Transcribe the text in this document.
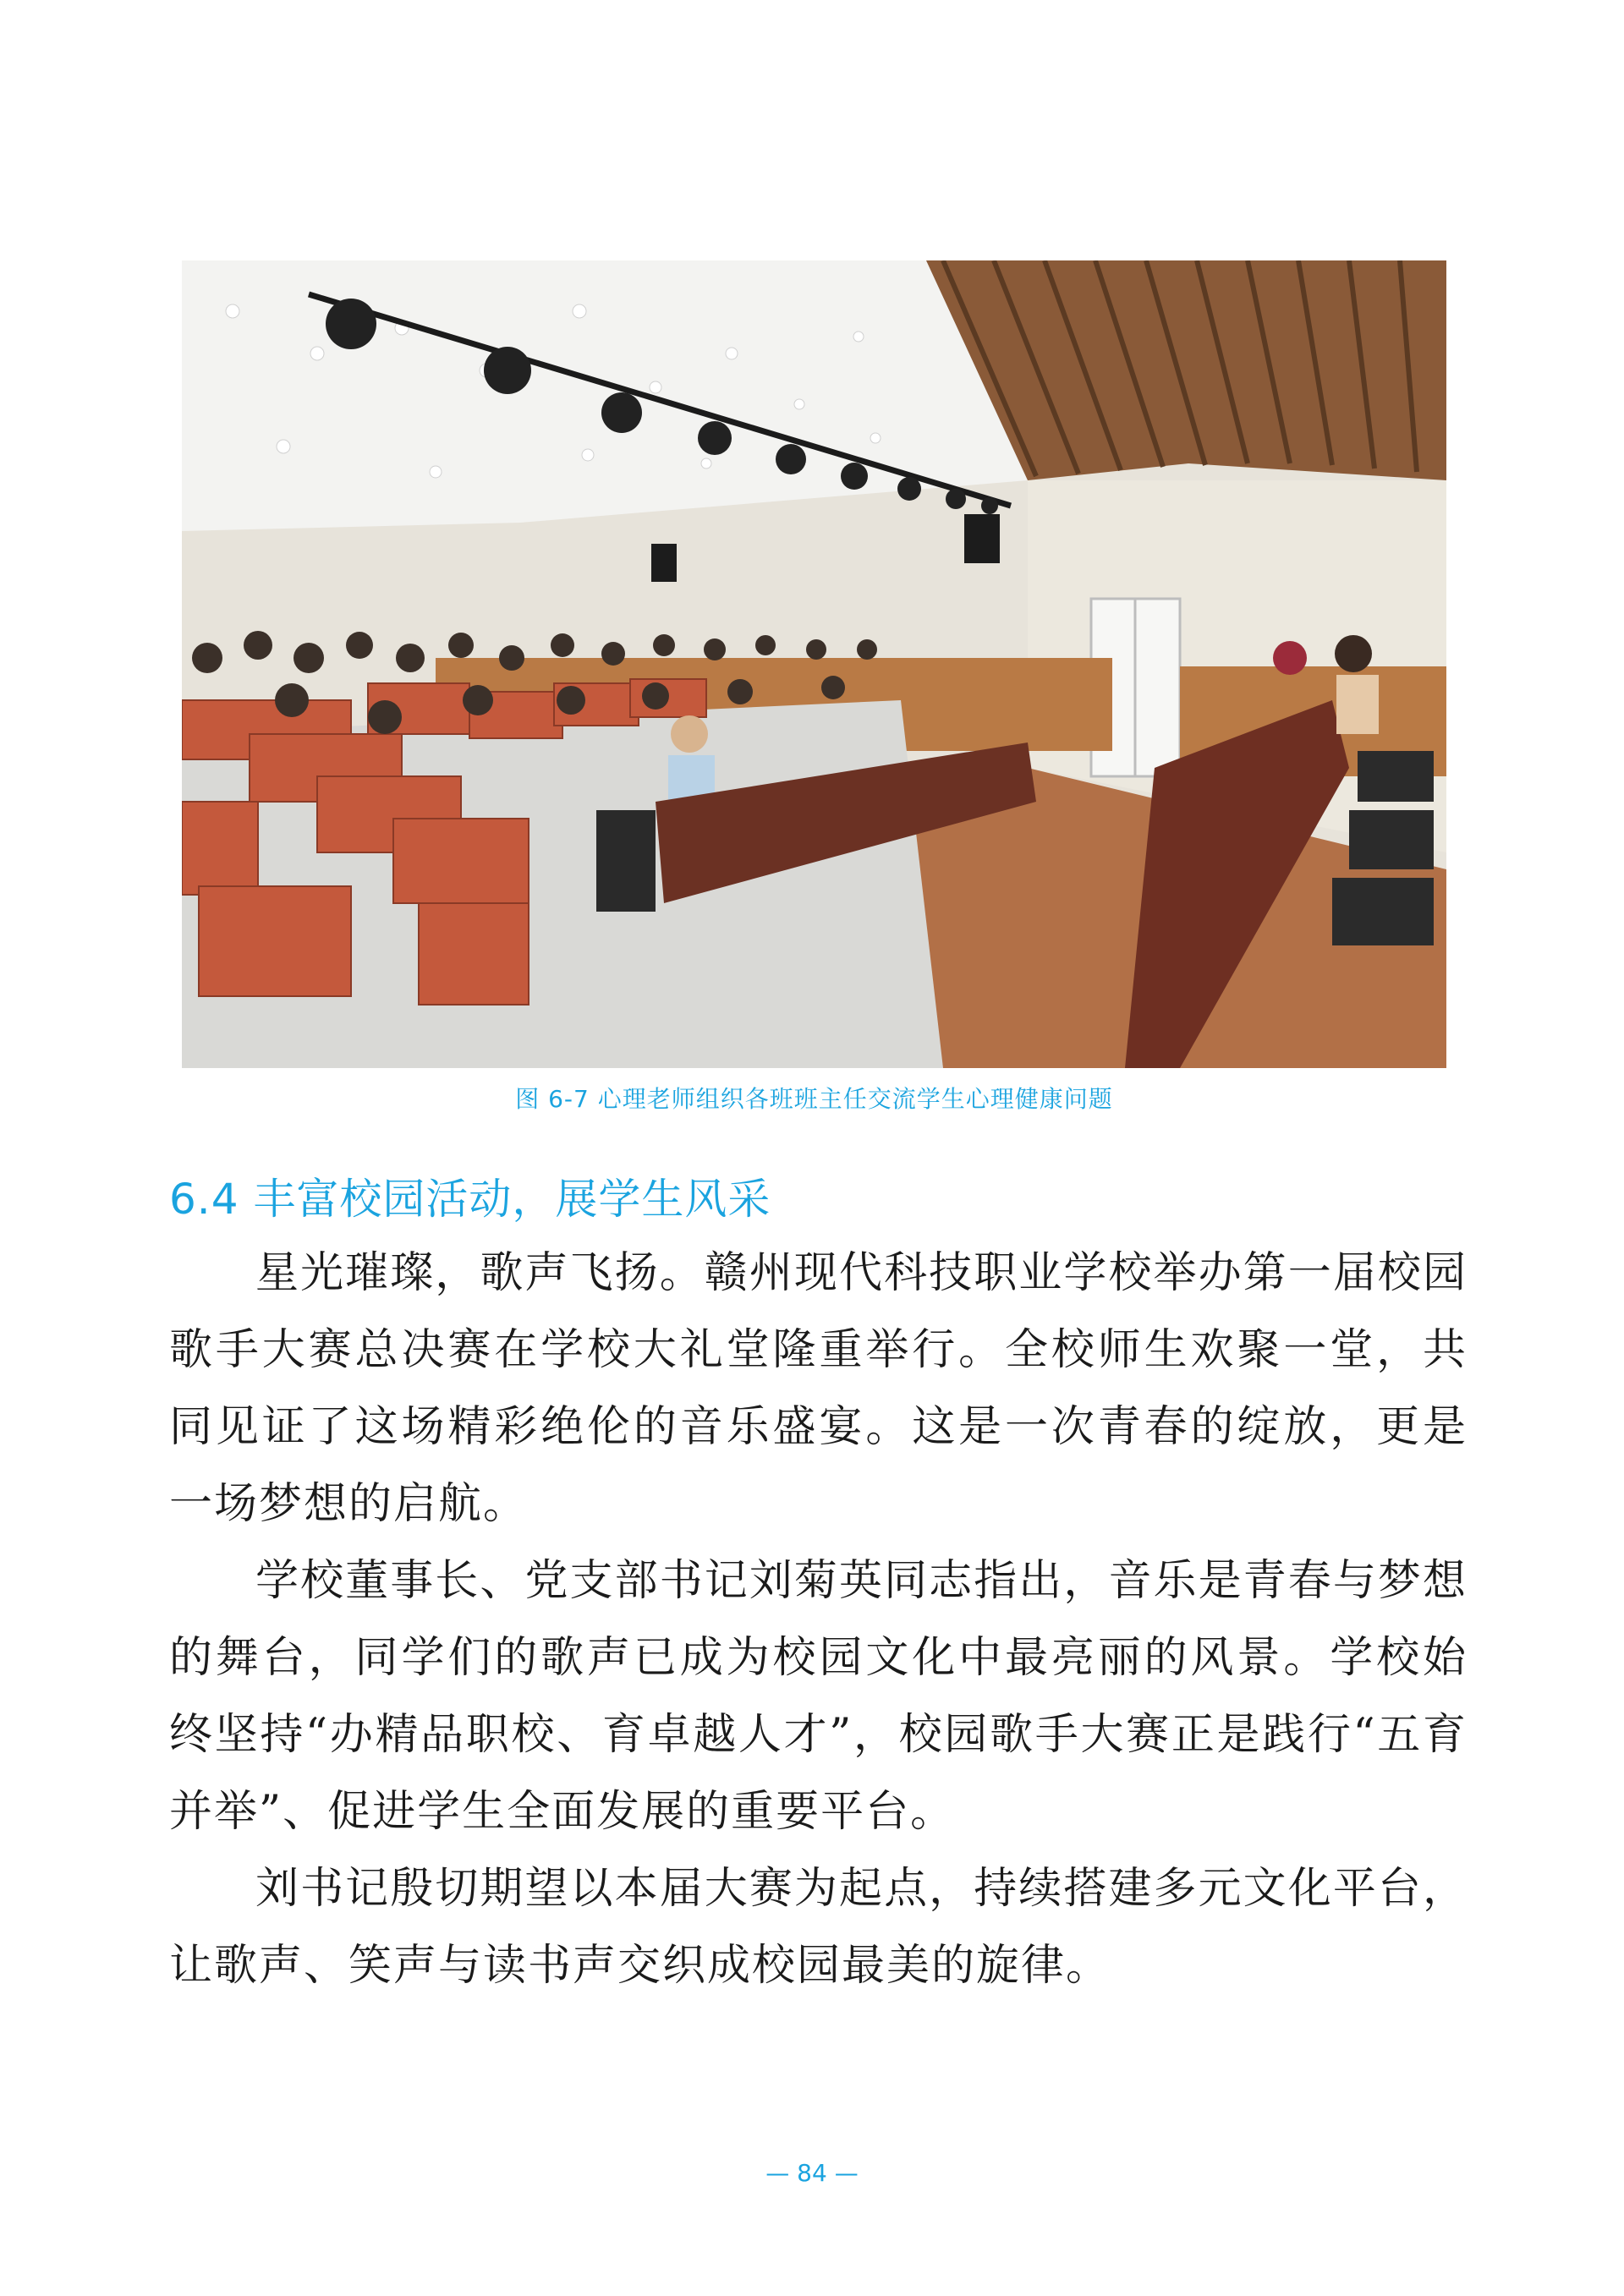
图 6-7 心理老师组织各班班主任交流学生心理健康问题
6.4 丰富校园活动，展学生风采

星光璀璨，歌声飞扬。赣州现代科技职业学校举办第一届校园歌手大赛总决赛在学校大礼堂隆重举行。全校师生欢聚一堂，共同见证了这场精彩绝伦的音乐盛宴。这是一次青春的绽放，更是一场梦想的启航。

学校董事长、党支部书记刘菊英同志指出，音乐是青春与梦想的舞台，同学们的歌声已成为校园文化中最亮丽的风景。学校始终坚持“办精品职校、育卓越人才”，校园歌手大赛正是践行“五育并举”、促进学生全面发展的重要平台。

刘书记殷切期望以本届大赛为起点，持续搭建多元文化平台，让歌声、笑声与读书声交织成校园最美的旋律。

— 84 —
